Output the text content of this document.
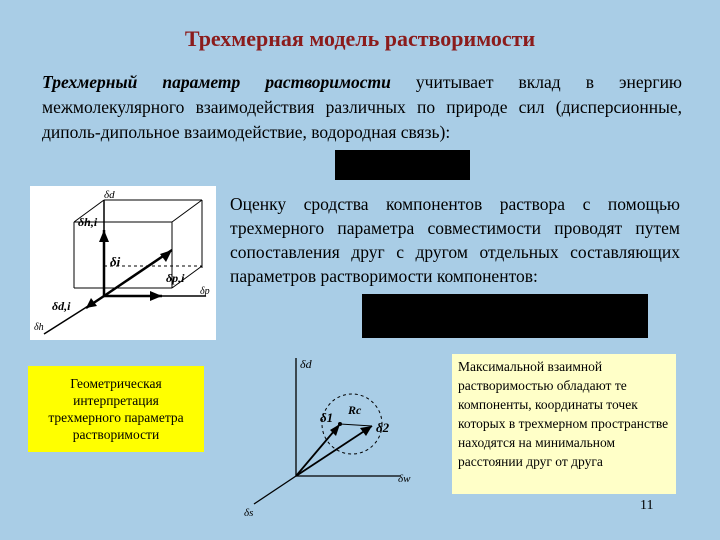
Трехмерная модель растворимости
Трехмерный параметр растворимости учитывает вклад в энергию межмолекулярного взаимодействия различных по природе сил (дисперсионные, диполь-дипольное взаимодействие, водородная связь):
Оценку сродства компонентов раствора с помощью трехмерного параметра совместимости проводят путем сопоставления друг с другом отдельных составляющих параметров растворимости компонентов:
δd
δh,i
δi
δp,i
δp
δd,i
δh
Геометрическая
интерпретация
трехмерного параметра
растворимости
δd
δ1 Rc
δ2
δw
δs
Максимальной взаимной растворимостью обладают те компоненты, координаты точек которых в трехмерном пространстве находятся на минимальном расстоянии друг от друга
11
